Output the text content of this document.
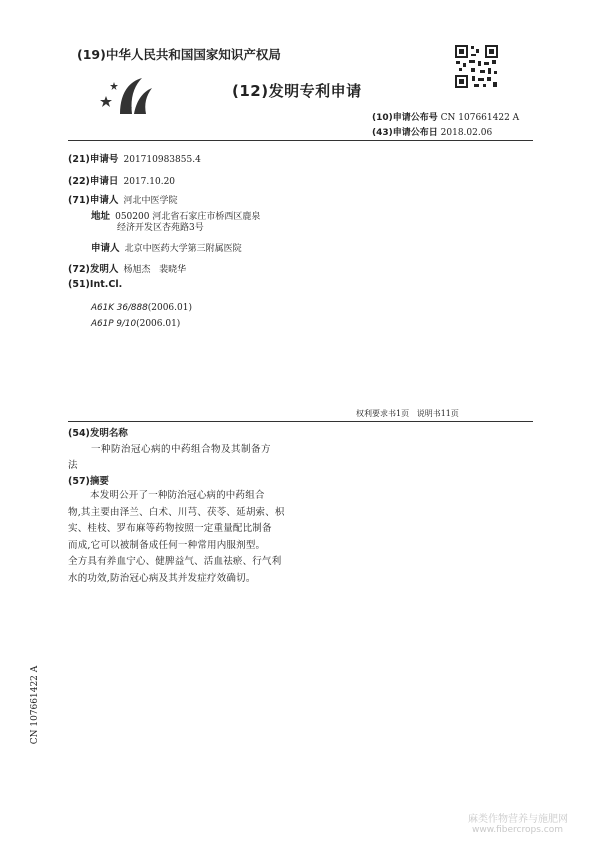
(19)中华人民共和国国家知识产权局
(12)发明专利申请
(10)申请公布号 CN 107661422 A
(43)申请公布日 2018.02.06
(21)申请号 201710983855.4
(22)申请日 2017.10.20
(71)申请人 河北中医学院
地址 050200 河北省石家庄市桥西区鹿泉
经济开发区杏苑路3号
申请人 北京中医药大学第三附属医院
(72)发明人 杨旭杰   裴晓华
(51)Int.Cl.
A61K 36/888(2006.01)
A61P 9/10(2006.01)
权利要求书1页   说明书11页
(54)发明名称
一种防治冠心病的中药组合物及其制备方
法
(57)摘要
本发明公开了一种防治冠心病的中药组合
物,其主要由泽兰、白术、川芎、茯苓、延胡索、枳
实、桂枝、罗布麻等药物按照一定重量配比制备
而成,它可以被制备成任何一种常用内服剂型。
全方具有养血宁心、健脾益气、活血祛瘀、行气利
水的功效,防治冠心病及其并发症疗效确切。
CN 107661422 A
麻类作物营养与施肥网
www.fibercrops.com
